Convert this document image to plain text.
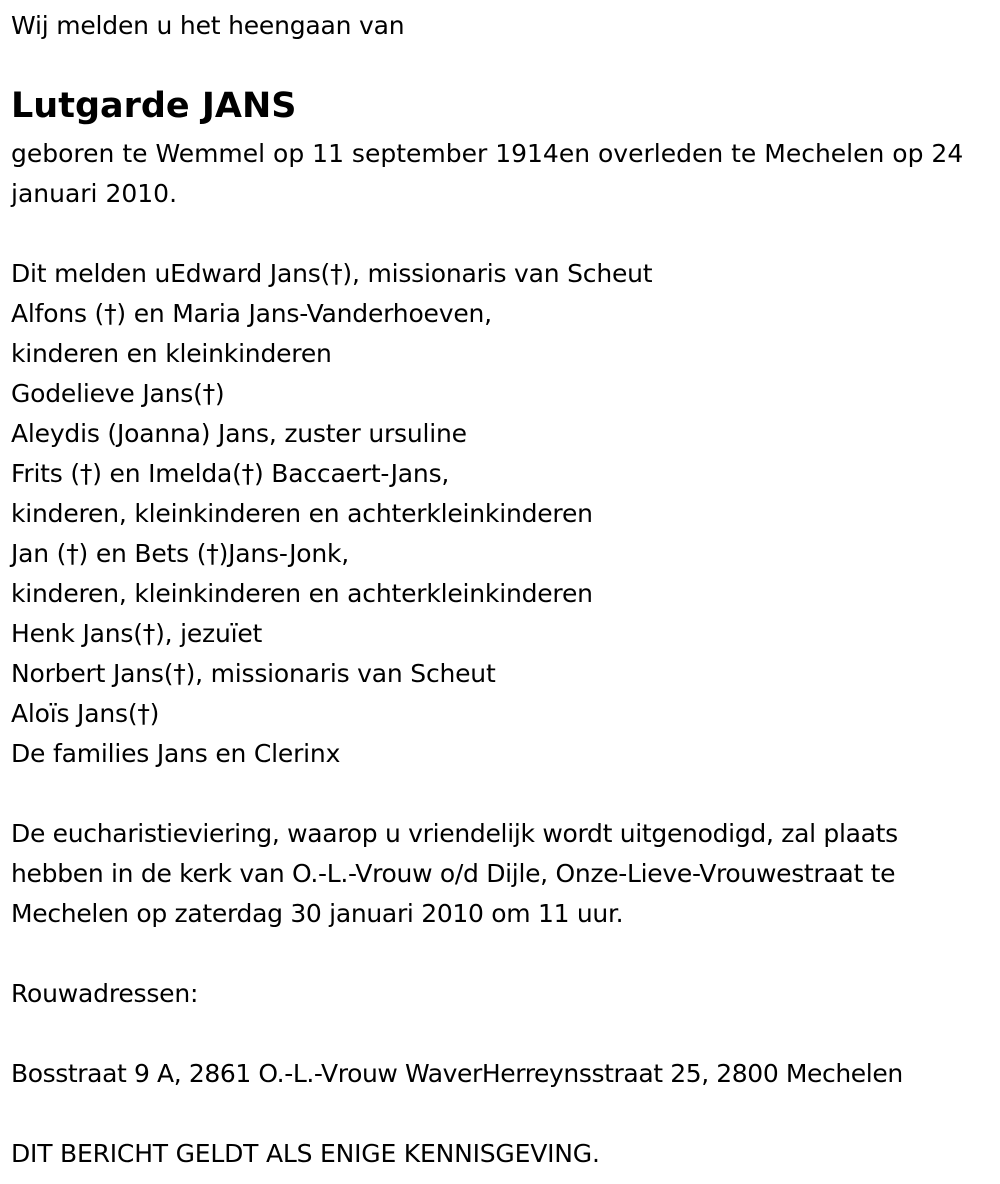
Wij melden u het heengaan van
Lutgarde JANS
geboren te Wemmel op 11 september 1914en overleden te Mechelen op 24 januari 2010.
Dit melden uEdward Jans(†), missionaris van Scheut
Alfons (†) en Maria Jans-Vanderhoeven,
kinderen en kleinkinderen
Godelieve Jans(†)
Aleydis (Joanna) Jans, zuster ursuline
Frits (†) en Imelda(†) Baccaert-Jans,
kinderen, kleinkinderen en achterkleinkinderen
Jan (†) en Bets (†)Jans-Jonk,
kinderen, kleinkinderen en achterkleinkinderen
Henk Jans(†), jezuïet
Norbert Jans(†), missionaris van Scheut
Aloïs Jans(†)
De families Jans en Clerinx
De eucharistieviering, waarop u vriendelijk wordt uitgenodigd, zal plaats hebben in de kerk van O.-L.-Vrouw o/d Dijle, Onze-Lieve-Vrouwestraat te Mechelen op zaterdag 30 januari 2010 om 11 uur.
Rouwadressen:
Bosstraat 9 A, 2861 O.-L.-Vrouw WaverHerreynsstraat 25, 2800 Mechelen
DIT BERICHT GELDT ALS ENIGE KENNISGEVING.
